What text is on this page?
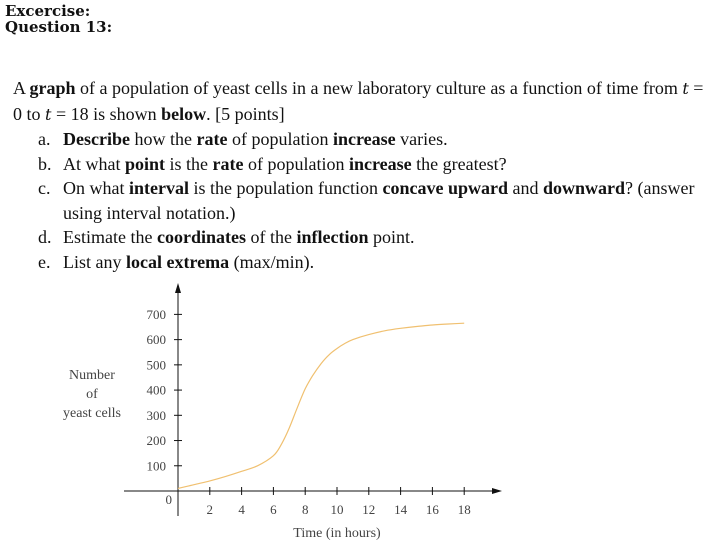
Excercise:
Question 13:

A graph of a population of yeast cells in a new laboratory culture as a function of time from t = 0 to t = 18 is shown below. [5 points]

a. Describe how the rate of population increase varies.
b. At what point is the rate of population increase the greatest?
c. On what interval is the population function concave upward and downward? (answer using interval notation.)
d. Estimate the coordinates of the inflection point.
e. List any local extrema (max/min).
2 4 6 8 10 12 14 16 18
100
200
300
400
500
600
700
0
Number
of
yeast cells
Time (in hours)
